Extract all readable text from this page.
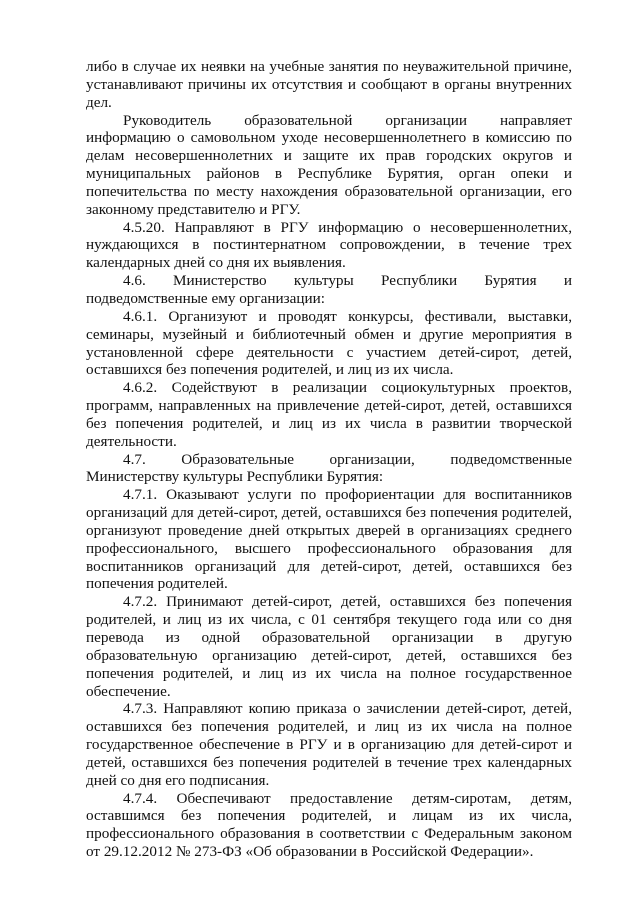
либо в случае их неявки на учебные занятия по неуважительной причине, устанавливают причины их отсутствия и сообщают в органы внутренних дел.

Руководитель образовательной организации направляет информацию о самовольном уходе несовершеннолетнего в комиссию по делам несовершеннолетних и защите их прав городских округов и муниципальных районов в Республике Бурятия, орган опеки и попечительства по месту нахождения образовательной организации, его законному представителю и РГУ.

4.5.20. Направляют в РГУ информацию о несовершеннолетних, нуждающихся в постинтернатном сопровождении, в течение трех календарных дней со дня их выявления.

4.6. Министерство культуры Республики Бурятия и подведомственные ему организации:

4.6.1. Организуют и проводят конкурсы, фестивали, выставки, семинары, музейный и библиотечный обмен и другие мероприятия в установленной сфере деятельности с участием детей-сирот, детей, оставшихся без попечения родителей, и лиц из их числа.

4.6.2. Содействуют в реализации социокультурных проектов, программ, направленных на привлечение детей-сирот, детей, оставшихся без попечения родителей, и лиц из их числа в развитии творческой деятельности.

4.7. Образовательные организации, подведомственные Министерству культуры Республики Бурятия:

4.7.1. Оказывают услуги по профориентации для воспитанников организаций для детей-сирот, детей, оставшихся без попечения родителей, организуют проведение дней открытых дверей в организациях среднего профессионального, высшего профессионального образования для воспитанников организаций для детей-сирот, детей, оставшихся без попечения родителей.

4.7.2. Принимают детей-сирот, детей, оставшихся без попечения родителей, и лиц из их числа, с 01 сентября текущего года или со дня перевода из одной образовательной организации в другую образовательную организацию детей-сирот, детей, оставшихся без попечения родителей, и лиц из их числа на полное государственное обеспечение.

4.7.3. Направляют копию приказа о зачислении детей-сирот, детей, оставшихся без попечения родителей, и лиц из их числа на полное государственное обеспечение в РГУ и в организацию для детей-сирот и детей, оставшихся без попечения родителей в течение трех календарных дней со дня его подписания.

4.7.4. Обеспечивают предоставление детям-сиротам, детям, оставшимся без попечения родителей, и лицам из их числа, профессионального образования в соответствии с Федеральным законом от 29.12.2012 № 273-ФЗ «Об образовании в Российской Федерации».
